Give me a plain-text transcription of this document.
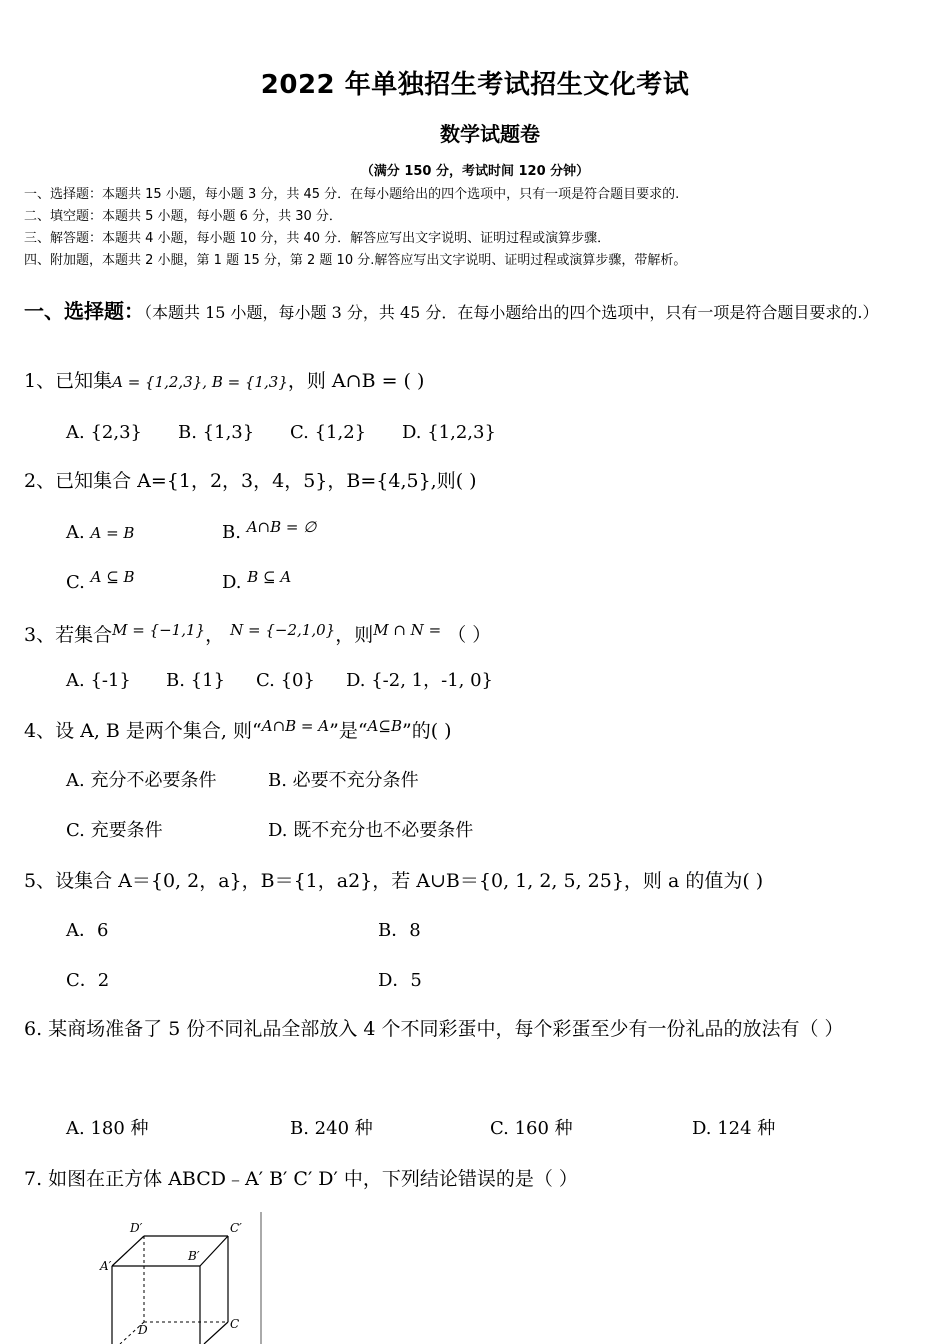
2022 年单独招生考试招生文化考试
数学试题卷
（满分 150 分，考试时间 120 分钟）
一、选择题：本题共 15 小题，每小题 3 分，共 45 分．在每小题给出的四个选项中，只有一项是符合题目要求的.
二、填空题：本题共 5 小题，每小题 6 分，共 30 分．
三、解答题：本题共 4 小题，每小题 10 分，共 40 分．解答应写出文字说明、证明过程或演算步骤．
四、附加题，本题共 2 小腿，第 1 题 15 分，第 2 题 10 分.解答应写出文字说明、证明过程或演算步骤，带解析。
一、选择题：（本题共 15 小题，每小题 3 分，共 45 分．在每小题给出的四个选项中，只有一项是符合题目要求的.）
1、已知集A = {1,2,3}, B = {1,3}，则 A∩B = ( )
A. {2,3} B. {1,3} C. {1,2} D. {1,2,3}
2、已知集合 A={1，2，3，4，5}，B={4,5},则( )
A. A = B	B. $^{A\cap B = \emptyset}$
C. $^{A ⊆ B}$	D. $^{B ⊆ A}$
3、若集合$^{M = \{-1,1\}}$， $^{N = \{-2,1,0\}}$，则$^{M \cap N =}$ （ ）
A. {-1} B. {1} C. {0} D. {-2, 1，-1, 0}
4、设 A, B 是两个集合, 则“$^{A\cap B = A}$”是“$^{A⊆B}$”的( )
A. 充分不必要条件	B. 必要不充分条件
C. 充要条件	D. 既不充分也不必要条件
5、设集合 A＝{0, 2，a}，B＝{1，a2}，若 A∪B＝{0, 1, 2, 5, 25}，则 a 的值为( )
A．6	B．8
C．2	D．5
6. 某商场准备了 5 份不同礼品全部放入 4 个不同彩蛋中，每个彩蛋至少有一份礼品的放法有（ ）
A. 180 种	B. 240 种	C. 160 种	D. 124 种
7. 如图在正方体 ABCD﹣A′ B′ C′ D′ 中，下列结论错误的是（ ）
D′	C′
A′
B′
D	C
